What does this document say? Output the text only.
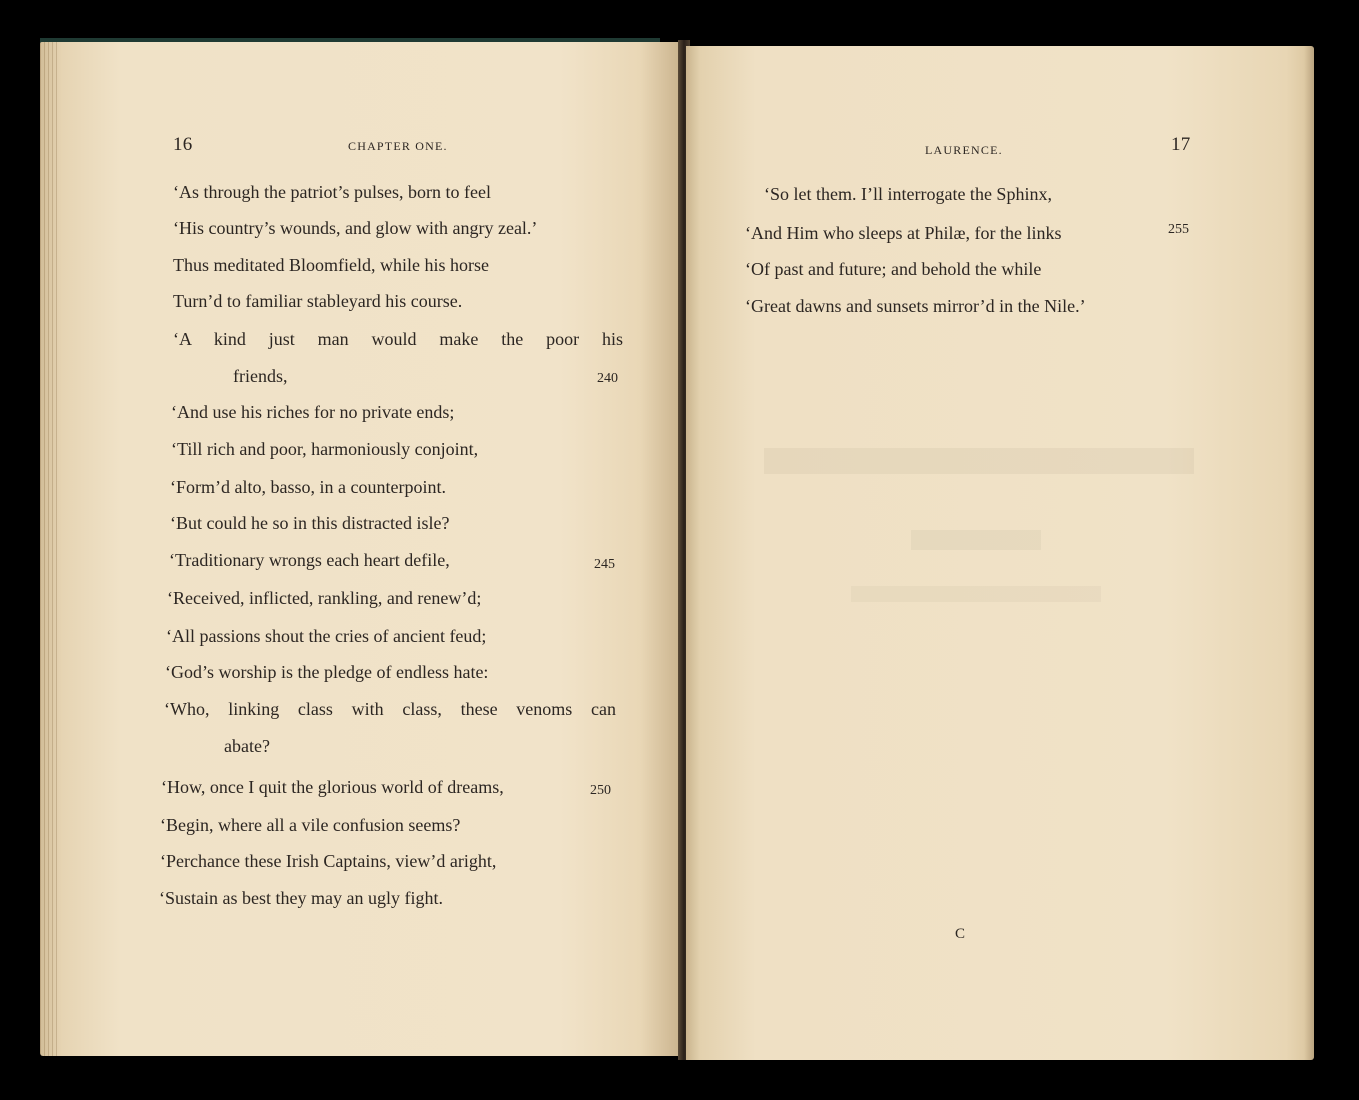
16	CHAPTER ONE.
‘As through the patriot’s pulses, born to feel
‘His country’s wounds, and glow with angry zeal.’
Thus meditated Bloomfield, while his horse
Turn’d to familiar stableyard his course.
‘A kind just man would make the poor his
friends,	240
‘And use his riches for no private ends;
‘Till rich and poor, harmoniously conjoint,
‘Form’d alto, basso, in a counterpoint.
‘But could he so in this distracted isle?
‘Traditionary wrongs each heart defile,	245
‘Received, inflicted, rankling, and renew’d;
‘All passions shout the cries of ancient feud;
‘God’s worship is the pledge of endless hate:
‘Who, linking class with class, these venoms can
abate?
‘How, once I quit the glorious world of dreams,	250
‘Begin, where all a vile confusion seems?
‘Perchance these Irish Captains, view’d aright,
‘Sustain as best they may an ugly fight.
LAURENCE.	17
‘So let them. I’ll interrogate the Sphinx,
‘And Him who sleeps at Philæ, for the links	255
‘Of past and future; and behold the while
‘Great dawns and sunsets mirror’d in the Nile.’
C
